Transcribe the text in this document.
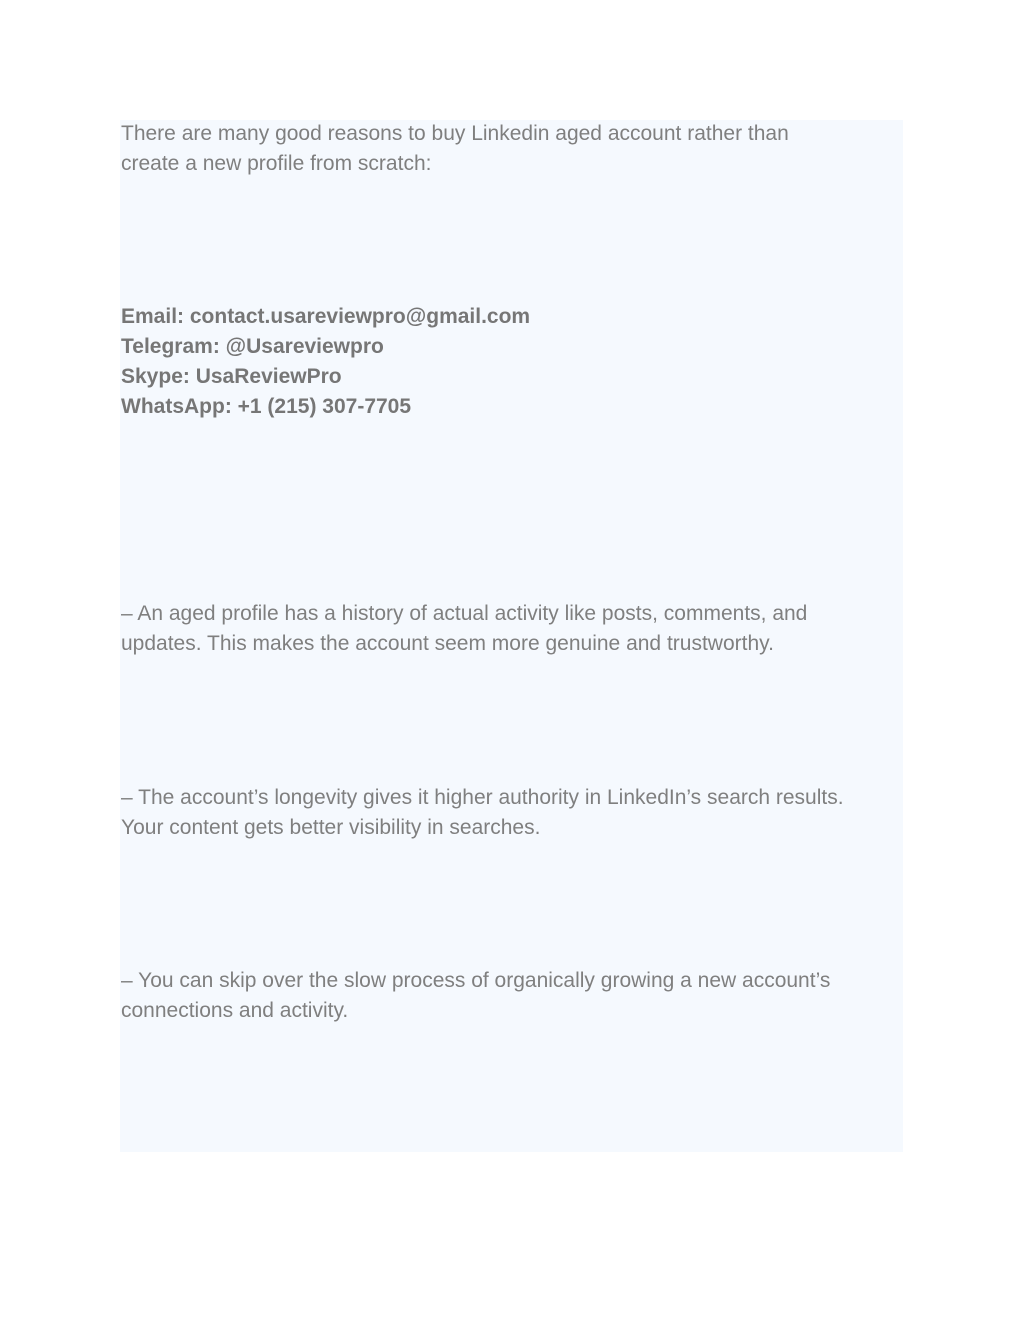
There are many good reasons to buy Linkedin aged account rather than
create a new profile from scratch:

Email: contact.usareviewpro@gmail.com
Telegram: @Usareviewpro
Skype: UsaReviewPro
WhatsApp: +1 (215) 307-7705

– An aged profile has a history of actual activity like posts, comments, and
updates. This makes the account seem more genuine and trustworthy.

– The account’s longevity gives it higher authority in LinkedIn’s search results.
Your content gets better visibility in searches.

– You can skip over the slow process of organically growing a new account’s
connections and activity.
